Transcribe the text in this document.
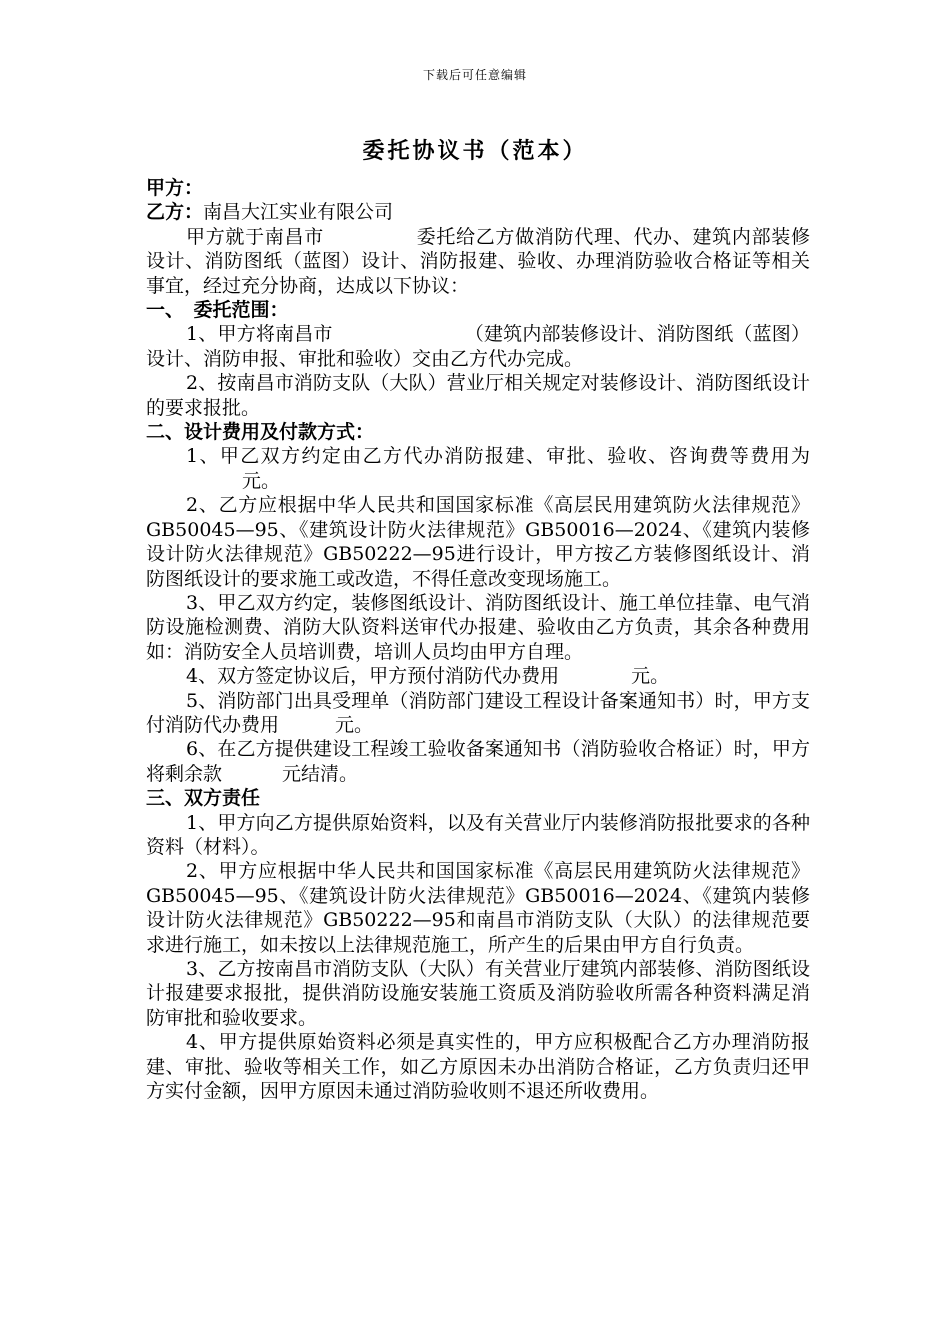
下载后可任意编辑
委托协议书（范本）

甲方：

乙方：南昌大江实业有限公司

甲方就于南昌市	委托给乙方做消防代理、代办、建筑内部装修设计、消防图纸（蓝图）设计、消防报建、验收、办理消防验收合格证等相关事宜，经过充分协商，达成以下协议：

一、　委托范围：

1、甲方将南昌市	（建筑内部装修设计、消防图纸（蓝图）设计、消防申报、审批和验收）交由乙方代办完成。

2、按南昌市消防支队（大队）营业厅相关规定对装修设计、消防图纸设计的要求报批。

二、设计费用及付款方式：

1、甲乙双方约定由乙方代办消防报建、审批、验收、咨询费等费用为元。

2、乙方应根据中华人民共和国国家标准《高层民用建筑防火法律规范》GB50045—95、《建筑设计防火法律规范》GB50016—2024、《建筑内装修设计防火法律规范》GB50222—95进行设计，甲方按乙方装修图纸设计、消防图纸设计的要求施工或改造，不得任意改变现场施工。

3、甲乙双方约定，装修图纸设计、消防图纸设计、施工单位挂靠、电气消防设施检测费、消防大队资料送审代办报建、验收由乙方负责，其余各种费用如：消防安全人员培训费，培训人员均由甲方自理。

4、双方签定协议后，甲方预付消防代办费用	元。

5、消防部门出具受理单（消防部门建设工程设计备案通知书）时，甲方支付消防代办费用	元。

6、在乙方提供建设工程竣工验收备案通知书（消防验收合格证）时，甲方将剩余款	元结清。

三、双方责任

1、甲方向乙方提供原始资料，以及有关营业厅内装修消防报批要求的各种资料（材料）。

2、甲方应根据中华人民共和国国家标准《高层民用建筑防火法律规范》GB50045—95、《建筑设计防火法律规范》GB50016—2024、《建筑内装修设计防火法律规范》GB50222—95和南昌市消防支队（大队）的法律规范要求进行施工，如未按以上法律规范施工，所产生的后果由甲方自行负责。

3、乙方按南昌市消防支队（大队）有关营业厅建筑内部装修、消防图纸设计报建要求报批，提供消防设施安装施工资质及消防验收所需各种资料满足消防审批和验收要求。

4、甲方提供原始资料必须是真实性的，甲方应积极配合乙方办理消防报建、审批、验收等相关工作，如乙方原因未办出消防合格证，乙方负责归还甲方实付金额，因甲方原因未通过消防验收则不退还所收费用。
